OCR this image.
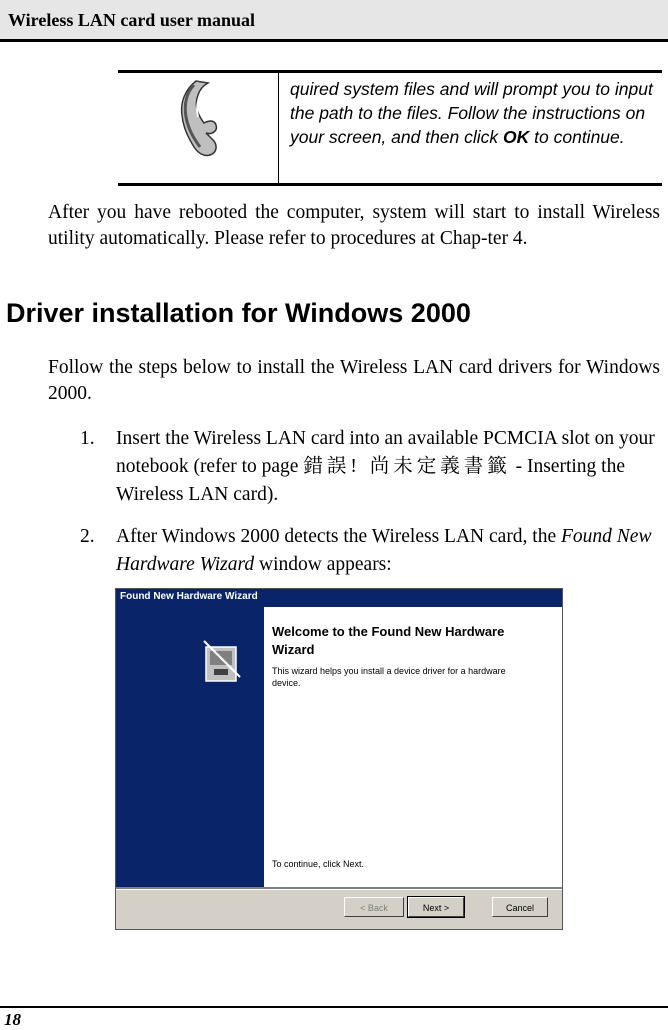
Wireless LAN card user manual
quired system files and will prompt you to input the path to the files. Follow the instructions on your screen, and then click OK to continue.
After you have rebooted the computer, system will start to install Wireless utility automatically. Please refer to procedures at Chap-ter 4.
Driver installation for Windows 2000
Follow the steps below to install the Wireless LAN card drivers for Windows 2000.
1.	Insert the Wireless LAN card into an available PCMCIA slot on your notebook (refer to page 錯誤! 尚未定義書籤 - Inserting the Wireless LAN card).
2.	After Windows 2000 detects the Wireless LAN card, the Found New Hardware Wizard window appears:
Found New Hardware Wizard
Welcome to the Found New Hardware Wizard
This wizard helps you install a device driver for a hardware device.
To continue, click Next.
< Back	Next >	Cancel
18
